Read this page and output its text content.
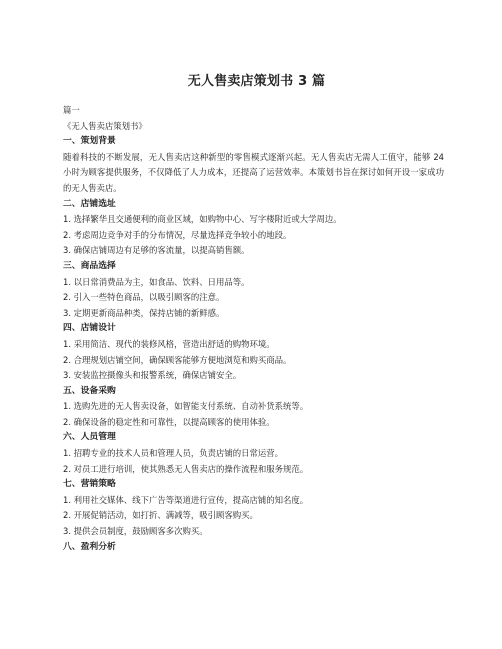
无人售卖店策划书 3 篇
篇一
《无人售卖店策划书》
一、策划背景
随着科技的不断发展，无人售卖店这种新型的零售模式逐渐兴起。无人售卖店无需人工值守，能够 24 小时为顾客提供服务，不仅降低了人力成本，还提高了运营效率。本策划书旨在探讨如何开设一家成功的无人售卖店。
二、店铺选址
1. 选择繁华且交通便利的商业区域，如购物中心、写字楼附近或大学周边。
2. 考虑周边竞争对手的分布情况，尽量选择竞争较小的地段。
3. 确保店铺周边有足够的客流量，以提高销售额。
三、商品选择
1. 以日常消费品为主，如食品、饮料、日用品等。
2. 引入一些特色商品，以吸引顾客的注意。
3. 定期更新商品种类，保持店铺的新鲜感。
四、店铺设计
1. 采用简洁、现代的装修风格，营造出舒适的购物环境。
2. 合理规划店铺空间，确保顾客能够方便地浏览和购买商品。
3. 安装监控摄像头和报警系统，确保店铺安全。
五、设备采购
1. 选购先进的无人售卖设备，如智能支付系统、自动补货系统等。
2. 确保设备的稳定性和可靠性，以提高顾客的使用体验。
六、人员管理
1. 招聘专业的技术人员和管理人员，负责店铺的日常运营。
2. 对员工进行培训，使其熟悉无人售卖店的操作流程和服务规范。
七、营销策略
1. 利用社交媒体、线下广告等渠道进行宣传，提高店铺的知名度。
2. 开展促销活动，如打折、满减等，吸引顾客购买。
3. 提供会员制度，鼓励顾客多次购买。
八、盈利分析
